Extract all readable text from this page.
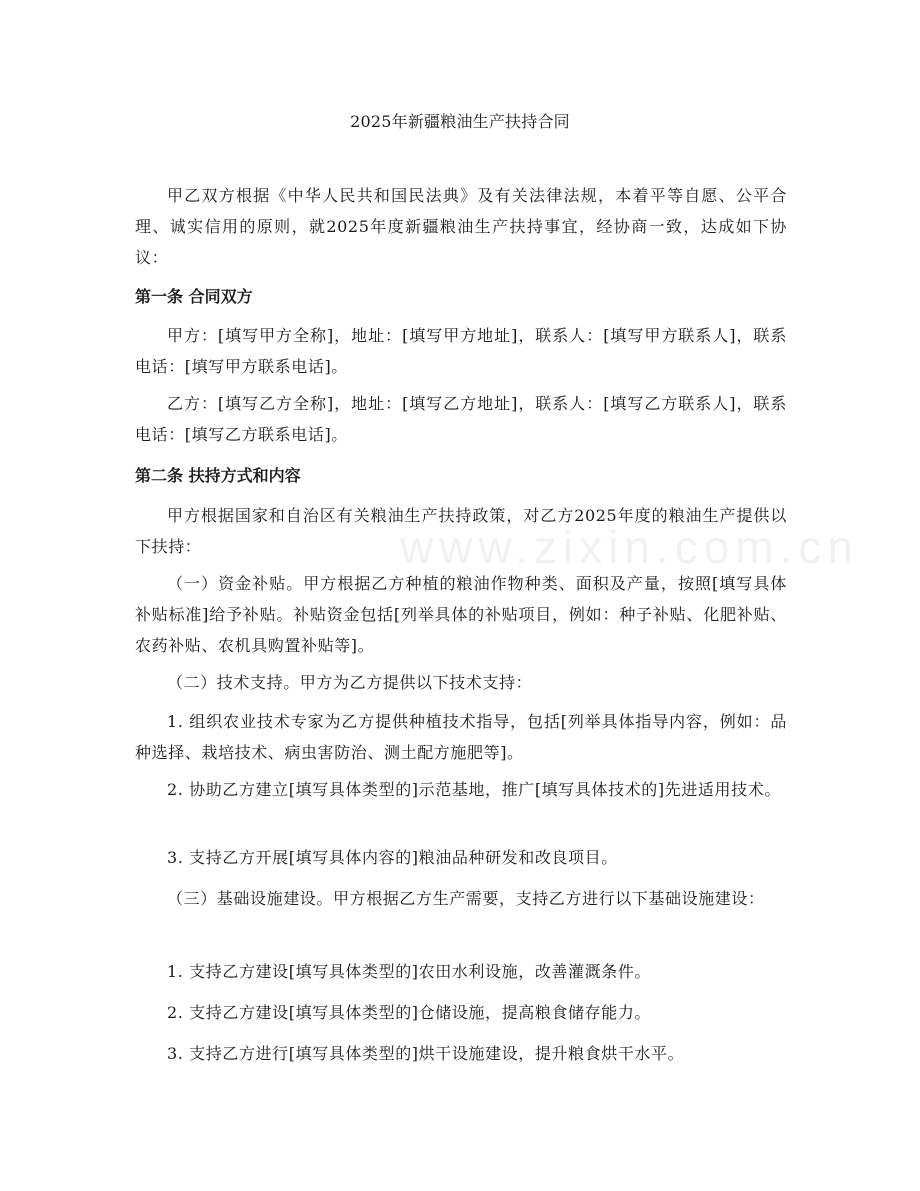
www.zixin.com.cn
2025年新疆粮油生产扶持合同

甲乙双方根据《中华人民共和国民法典》及有关法律法规，本着平等自愿、公平合理、诚实信用的原则，就2025年度新疆粮油生产扶持事宜，经协商一致，达成如下协议：

第一条 合同双方

甲方：[填写甲方全称]，地址：[填写甲方地址]，联系人：[填写甲方联系人]，联系电话：[填写甲方联系电话]。

乙方：[填写乙方全称]，地址：[填写乙方地址]，联系人：[填写乙方联系人]，联系电话：[填写乙方联系电话]。

第二条 扶持方式和内容

甲方根据国家和自治区有关粮油生产扶持政策，对乙方2025年度的粮油生产提供以下扶持：

（一）资金补贴。甲方根据乙方种植的粮油作物种类、面积及产量，按照[填写具体补贴标准]给予补贴。补贴资金包括[列举具体的补贴项目，例如：种子补贴、化肥补贴、农药补贴、农机具购置补贴等]。

（二）技术支持。甲方为乙方提供以下技术支持：

1. 组织农业技术专家为乙方提供种植技术指导，包括[列举具体指导内容，例如：品种选择、栽培技术、病虫害防治、测土配方施肥等]。

2. 协助乙方建立[填写具体类型的]示范基地，推广[填写具体技术的]先进适用技术。

3. 支持乙方开展[填写具体内容的]粮油品种研发和改良项目。

（三）基础设施建设。甲方根据乙方生产需要，支持乙方进行以下基础设施建设：

1. 支持乙方建设[填写具体类型的]农田水利设施，改善灌溉条件。

2. 支持乙方建设[填写具体类型的]仓储设施，提高粮食储存能力。

3. 支持乙方进行[填写具体类型的]烘干设施建设，提升粮食烘干水平。
